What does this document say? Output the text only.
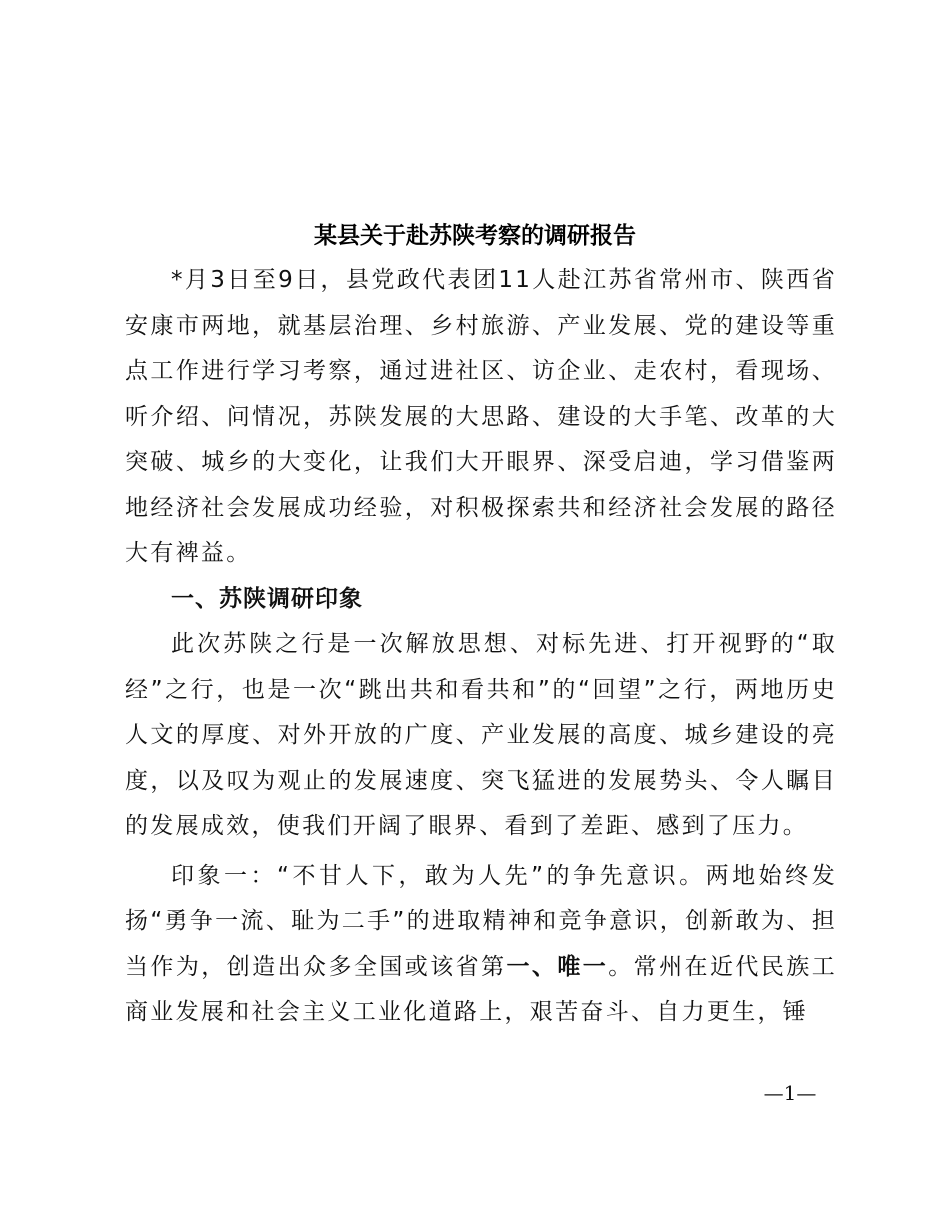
某县关于赴苏陕考察的调研报告

*月3日至9日，县党政代表团11人赴江苏省常州市、陕西省安康市两地，就基层治理、乡村旅游、产业发展、党的建设等重点工作进行学习考察，通过进社区、访企业、走农村，看现场、听介绍、问情况，苏陕发展的大思路、建设的大手笔、改革的大突破、城乡的大变化，让我们大开眼界、深受启迪，学习借鉴两地经济社会发展成功经验，对积极探索共和经济社会发展的路径大有裨益。

一、苏陕调研印象

此次苏陕之行是一次解放思想、对标先进、打开视野的“取经”之行，也是一次“跳出共和看共和”的“回望”之行，两地历史人文的厚度、对外开放的广度、产业发展的高度、城乡建设的亮度，以及叹为观止的发展速度、突飞猛进的发展势头、令人瞩目的发展成效，使我们开阔了眼界、看到了差距、感到了压力。

印象一：“不甘人下，敢为人先”的争先意识。两地始终发扬“勇争一流、耻为二手”的进取精神和竞争意识，创新敢为、担当作为，创造出众多全国或该省第一、唯一。常州在近代民族工商业发展和社会主义工业化道路上，艰苦奋斗、自力更生，锤

—1—
